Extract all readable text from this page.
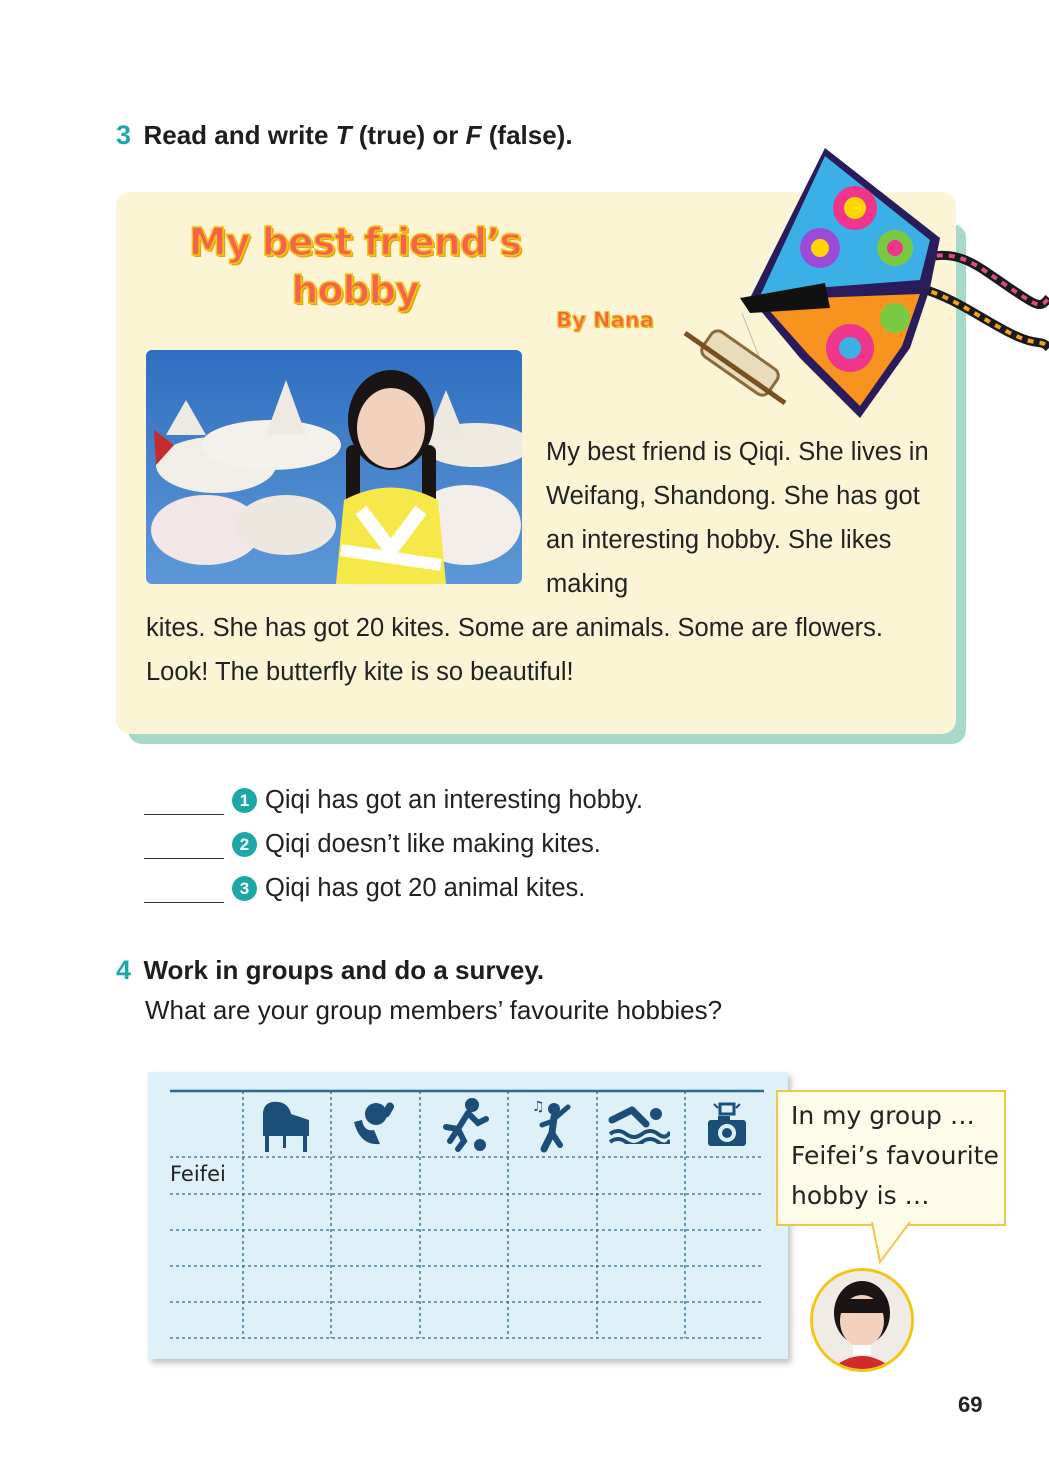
3 Read and write T (true) or F (false).
My best friend’s hobby
By Nana
My best friend is Qiqi. She lives in Weifang, Shandong. She has got an interesting hobby. She likes making
kites. She has got 20 kites. Some are animals. Some are flowers. Look! The butterfly kite is so beautiful!
1 Qiqi has got an interesting hobby.
2 Qiqi doesn’t like making kites.
3 Qiqi has got 20 animal kites.
4 Work in groups and do a survey.
What are your group members’ favourite hobbies?
♫
Feifei
In my group …
Feifei’s favourite
hobby is …
69
